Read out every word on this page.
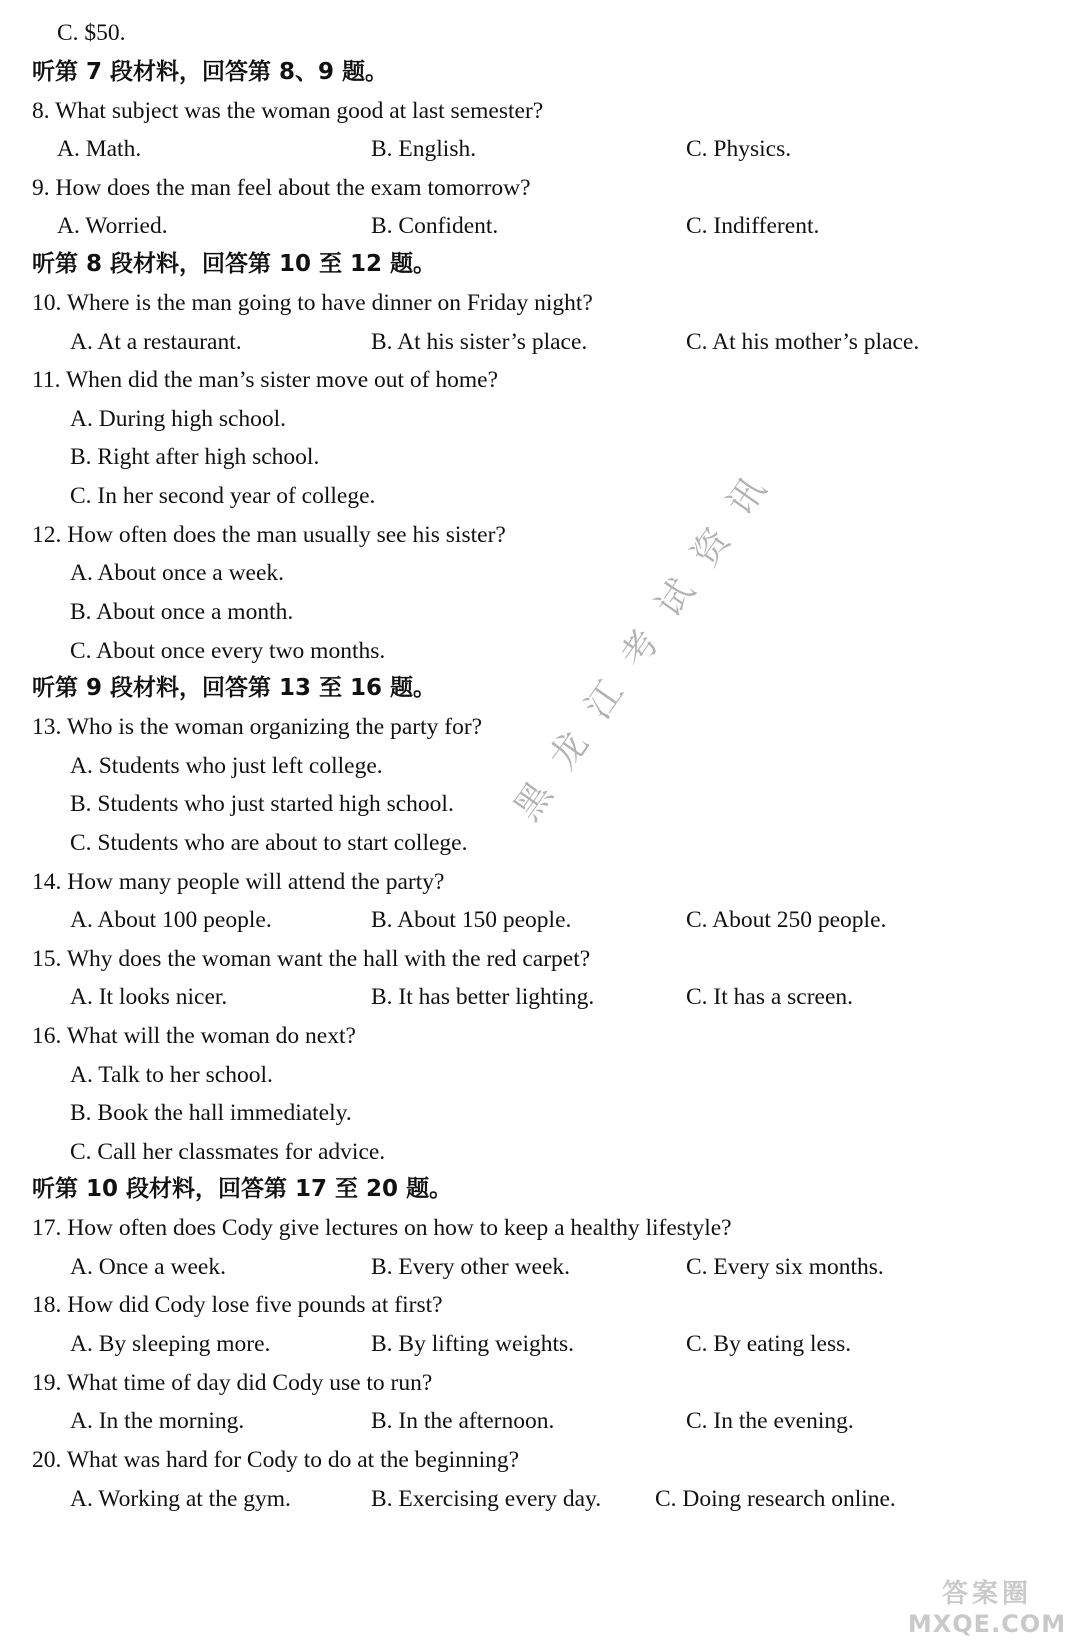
C. $50.
听第 7 段材料，回答第 8、9 题。
8. What subject was the woman good at last semester?
A. Math.	B. English.	C. Physics.
9. How does the man feel about the exam tomorrow?
A. Worried.	B. Confident.	C. Indifferent.
听第 8 段材料，回答第 10 至 12 题。
10. Where is the man going to have dinner on Friday night?
A. At a restaurant.	B. At his sister’s place.	C. At his mother’s place.
11. When did the man’s sister move out of home?
A. During high school.
B. Right after high school.
C. In her second year of college.
12. How often does the man usually see his sister?
A. About once a week.
B. About once a month.
C. About once every two months.
听第 9 段材料，回答第 13 至 16 题。
13. Who is the woman organizing the party for?
A. Students who just left college.
B. Students who just started high school.
C. Students who are about to start college.
14. How many people will attend the party?
A. About 100 people.	B. About 150 people.	C. About 250 people.
15. Why does the woman want the hall with the red carpet?
A. It looks nicer.	B. It has better lighting.	C. It has a screen.
16. What will the woman do next?
A. Talk to her school.
B. Book the hall immediately.
C. Call her classmates for advice.
听第 10 段材料，回答第 17 至 20 题。
17. How often does Cody give lectures on how to keep a healthy lifestyle?
A. Once a week.	B. Every other week.	C. Every six months.
18. How did Cody lose five pounds at first?
A. By sleeping more.	B. By lifting weights.	C. By eating less.
19. What time of day did Cody use to run?
A. In the morning.	B. In the afternoon.	C. In the evening.
20. What was hard for Cody to do at the beginning?
A. Working at the gym.	B. Exercising every day. C. Doing research online.
黑龙江考试资讯
答案圈
MXQE.COM
